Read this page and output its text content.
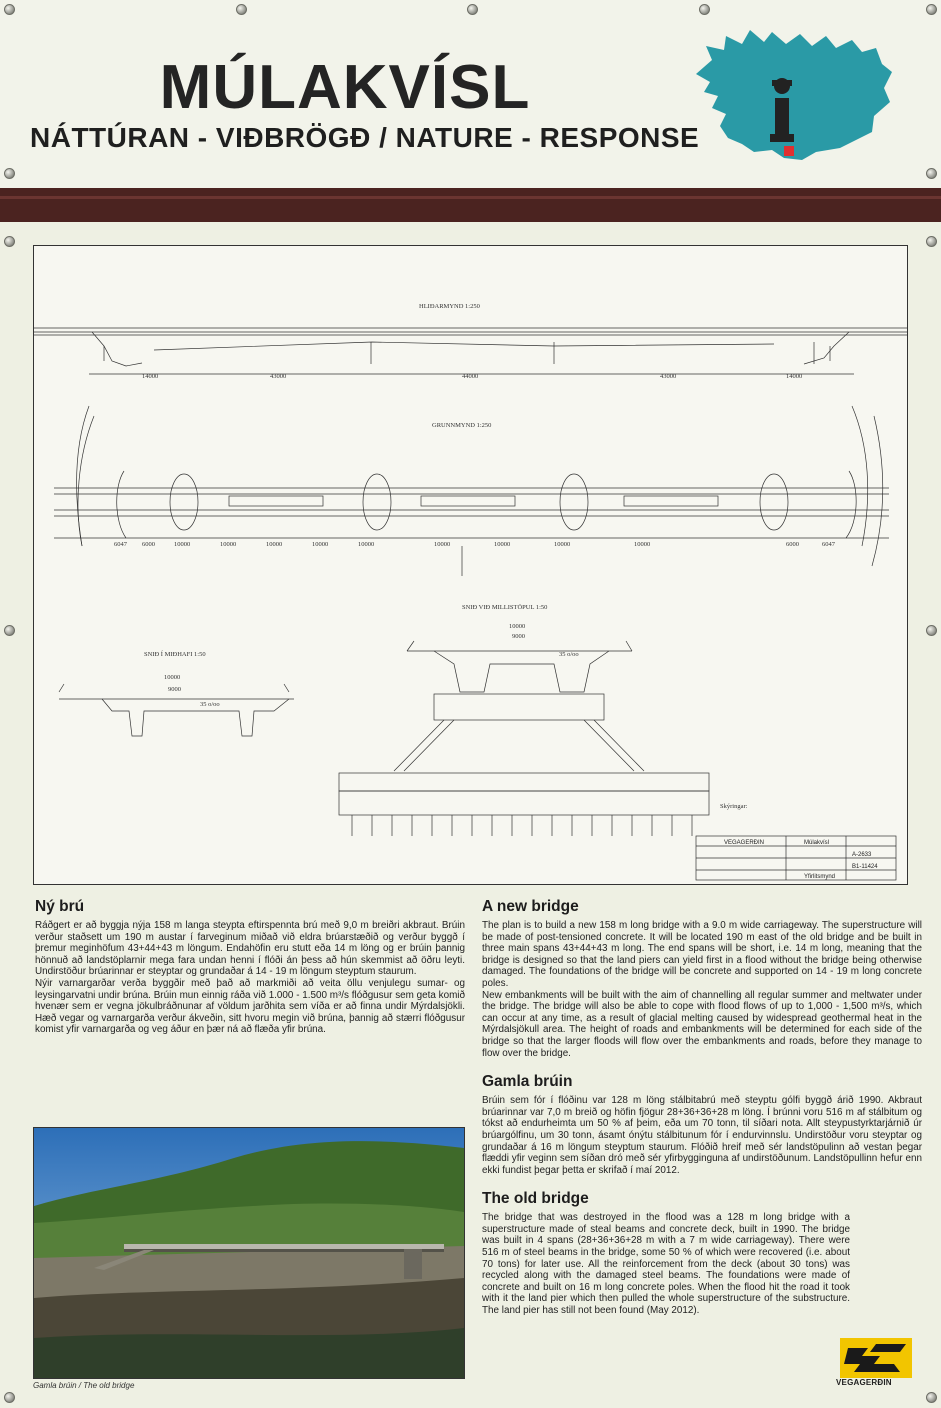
MÚLAKVÍSL
NÁTTÚRAN - VIÐBRÖGÐ / NATURE - RESPONSE
HLIÐARMYND 1:250
GRUNNMYND 1:250
SNIÐ Í MIÐHAFI 1:50
SNIÐ VIÐ MILLISTÖPUL 1:50
14000	43000	44000	43000	14000
6047 6000	10000	10000	10000	10000	10000	10000	10000	10000	10000	6000	6047
10000
9000
35 o/oo
10000
9000
35 o/oo
Skýringar:
VEGAGERÐIN	Múlakvísl
A-2633
B1-11424
Yfirlitsmynd
Ný brú

Ráðgert er að byggja nýja 158 m langa steypta eftirspennta brú með 9,0 m breiðri akbraut. Brúin verður staðsett um 190 m austar í farveginum miðað við eldra brúarstæðið og verður byggð í þremur meginhöfum 43+44+43 m löngum. Endahöfin eru stutt eða 14 m löng og er brúin þannig hönnuð að landstöplarnir mega fara undan henni í flóði án þess að hún skemmist að öðru leyti. Undirstöður brúarinnar er steyptar og grundaðar á 14 - 19 m löngum steyptum staurum.

Nýir varnargarðar verða byggðir með það að markmiði að veita öllu venjulegu sumar- og leysingarvatni undir brúna. Brúin mun einnig ráða við 1.000 - 1.500 m³/s flóðgusur sem geta komið hvenær sem er vegna jökulbráðnunar af völdum jarðhita sem víða er að finna undir Mýrdalsjökli. Hæð vegar og varnargarða verður ákveðin, sitt hvoru megin við brúna, þannig að stærri flóðgusur komist yfir varnargarða og veg áður en þær ná að flæða yfir brúna.

Gamla brúin / The old bridge
A new bridge

The plan is to build a new 158 m long bridge with a 9.0 m wide carriageway. The superstructure will be made of post-tensioned concrete. It will be located 190 m east of the old bridge and be built in three main spans 43+44+43 m long. The end spans will be short, i.e. 14 m long, meaning that the bridge is designed so that the land piers can yield first in a flood without the bridge being otherwise damaged. The foundations of the bridge will be concrete and supported on 14 - 19 m long concrete poles.

New embankments will be built with the aim of channelling all regular summer and meltwater under the bridge. The bridge will also be able to cope with flood flows of up to 1,000 - 1,500 m³/s, which can occur at any time, as a result of glacial melting caused by widespread geothermal heat in the Mýrdalsjökull area. The height of roads and embankments will be determined for each side of the bridge so that the larger floods will flow over the embankments and roads, before they manage to flow over the bridge.

Gamla brúin

Brúin sem fór í flóðinu var 128 m löng stálbitabrú með steyptu gólfi byggð árið 1990. Akbraut brúarinnar var 7,0 m breið og höfin fjögur 28+36+36+28 m löng. Í brúnni voru 516 m af stálbitum og tókst að endurheimta um 50 % af þeim, eða um 70 tonn, til síðari nota. Allt steypustyrktarjárnið úr brúargólfinu, um 30 tonn, ásamt ónýtu stálbitunum fór í endurvinnslu. Undirstöður voru steyptar og grundaðar á 16 m löngum steyptum staurum. Flóðið hreif með sér landstöpulinn að vestan þegar flæddi yfir veginn sem síðan dró með sér yfirbygginguna af undirstöðunum. Landstöpullinn hefur enn ekki fundist þegar þetta er skrifað í maí 2012.

The old bridge

The bridge that was destroyed in the flood was a 128 m long bridge with a superstructure made of steal beams and concrete deck, built in 1990. The bridge was built in 4 spans (28+36+36+28 m with a 7 m wide carriageway). There were 516 m of steel beams in the bridge, some 50 % of which were recovered (i.e. about 70 tons) for later use. All the reinforcement from the deck (about 30 tons) was recycled along with the damaged steel beams. The foundations were made of concrete and built on 16 m long concrete poles. When the flood hit the road it took with it the land pier which then pulled the whole superstructure of the substructure. The land pier has still not been found (May 2012).

VEGAGERÐIN
